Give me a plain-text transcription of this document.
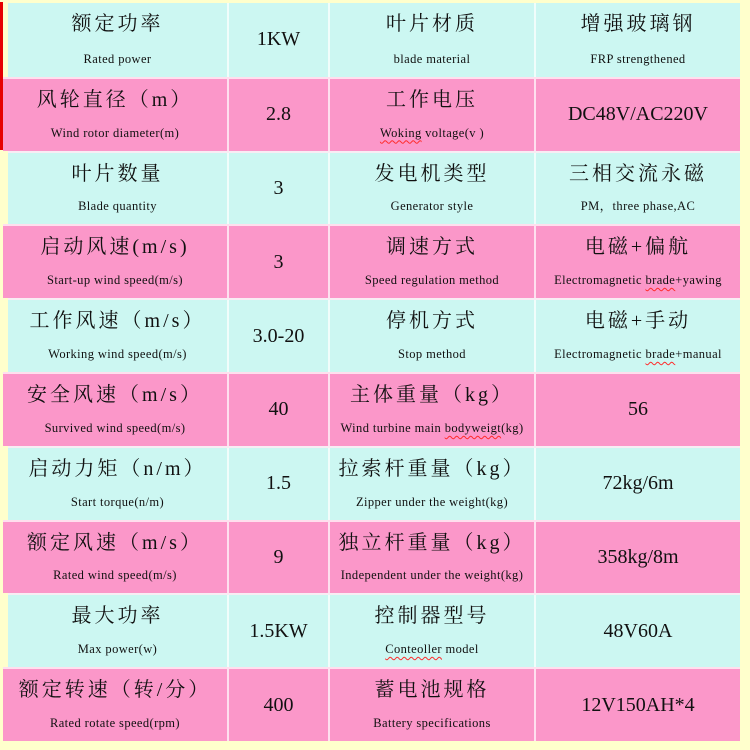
额定功率
Rated power
1KW
叶片材质
blade material
增强玻璃钢
FRP strengthened
风轮直径（m）
Wind rotor diameter(m)
2.8
工作电压
Woking voltage(v )
DC48V/AC220V
叶片数量
Blade quantity
3
发电机类型
Generator style
三相交流永磁
PM，three phase,AC
启动风速(m/s)
Start-up wind speed(m/s)
3
调速方式
Speed regulation method
电磁+偏航
Electromagnetic brade+yawing
工作风速（m/s）
Working wind speed(m/s)
3.0-20
停机方式
Stop method
电磁+手动
Electromagnetic brade+manual
安全风速（m/s）
Survived wind speed(m/s)
40
主体重量（kg）
Wind turbine main bodyweigt(kg)
56
启动力矩（n/m）
Start torque(n/m)
1.5
拉索杆重量（kg）
Zipper under the weight(kg)
72kg/6m
额定风速（m/s）
Rated wind speed(m/s)
9
独立杆重量（kg）
Independent under the weight(kg)
358kg/8m
最大功率
Max power(w)
1.5KW
控制器型号
Conteoller model
48V60A
额定转速（转/分）
Rated rotate speed(rpm)
400
蓄电池规格
Battery specifications
12V150AH*4
